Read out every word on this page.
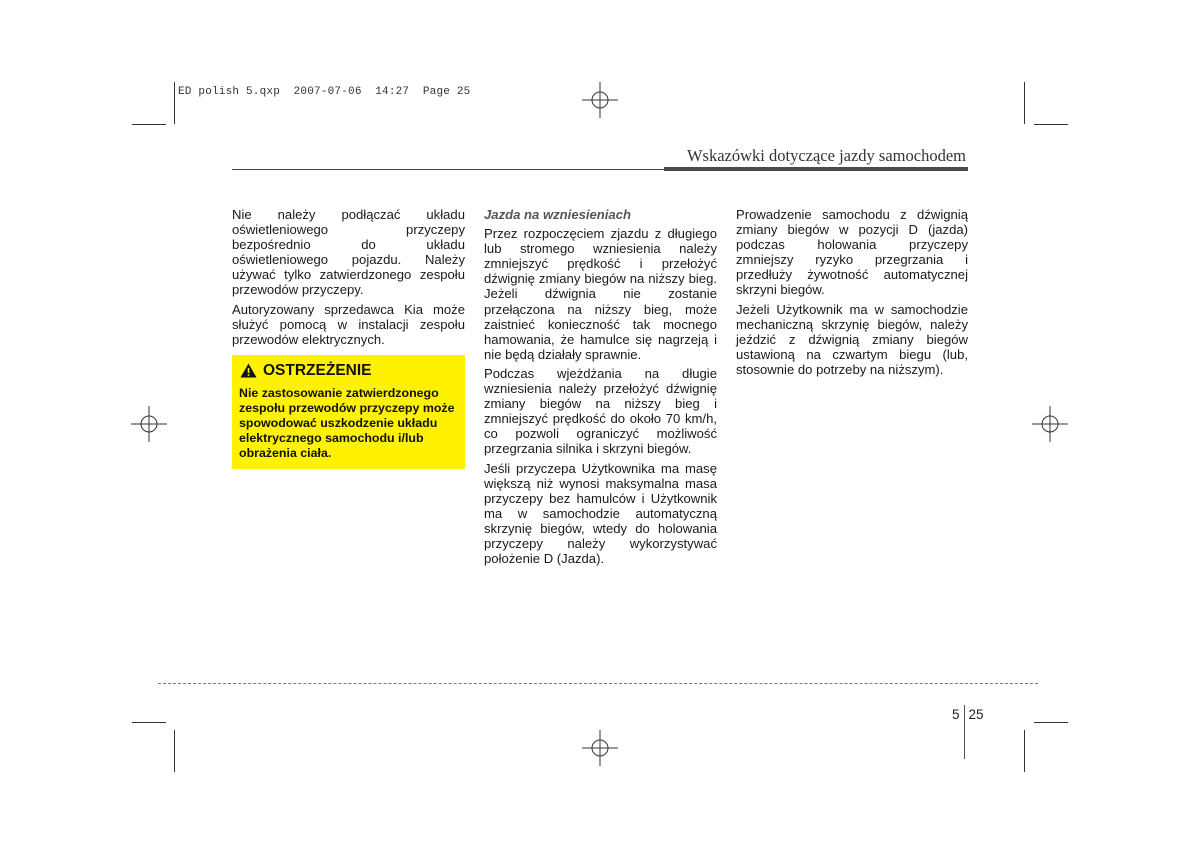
ED polish 5.qxp  2007-07-06  14:27  Page 25
Wskazówki dotyczące jazdy samochodem

Nie należy podłączać układu oświetleniowego przyczepy bezpośrednio do układu oświetleniowego pojazdu. Należy używać tylko zatwierdzonego zespołu przewodów przyczepy.

Autoryzowany sprzedawca Kia może służyć pomocą w instalacji zespołu przewodów elektrycznych.

OSTRZEŻENIE
Nie zastosowanie zatwierdzonego zespołu przewodów przyczepy może spowodować uszkodzenie układu elektrycznego samochodu i/lub obrażenia ciała.

Jazda na wzniesieniach

Przez rozpoczęciem zjazdu z długiego lub stromego wzniesienia należy zmniejszyć prędkość i przełożyć dźwignię zmiany biegów na niższy bieg. Jeżeli dźwignia nie zostanie przełączona na niższy bieg, może zaistnieć konieczność tak mocnego hamowania, że hamulce się nagrzeją i nie będą działały sprawnie.

Podczas wjeżdżania na długie wzniesienia należy przełożyć dźwignię zmiany biegów na niższy bieg i zmniejszyć prędkość do około 70 km/h, co pozwoli ograniczyć możliwość przegrzania silnika i skrzyni biegów.

Jeśli przyczepa Użytkownika ma masę większą niż wynosi maksymalna masa przyczepy bez hamulców i Użytkownik ma w samochodzie automatyczną skrzynię biegów, wtedy do holowania przyczepy należy wykorzystywać położenie D (Jazda).

Prowadzenie samochodu z dźwignią zmiany biegów w pozycji D (jazda) podczas holowania przyczepy zmniejszy ryzyko przegrzania i przedłuży żywotność automatycznej skrzyni biegów.

Jeżeli Użytkownik ma w samochodzie mechaniczną skrzynię biegów, należy jeździć z dźwignią zmiany biegów ustawioną na czwartym biegu (lub, stosownie do potrzeby na niższym).

5 25
